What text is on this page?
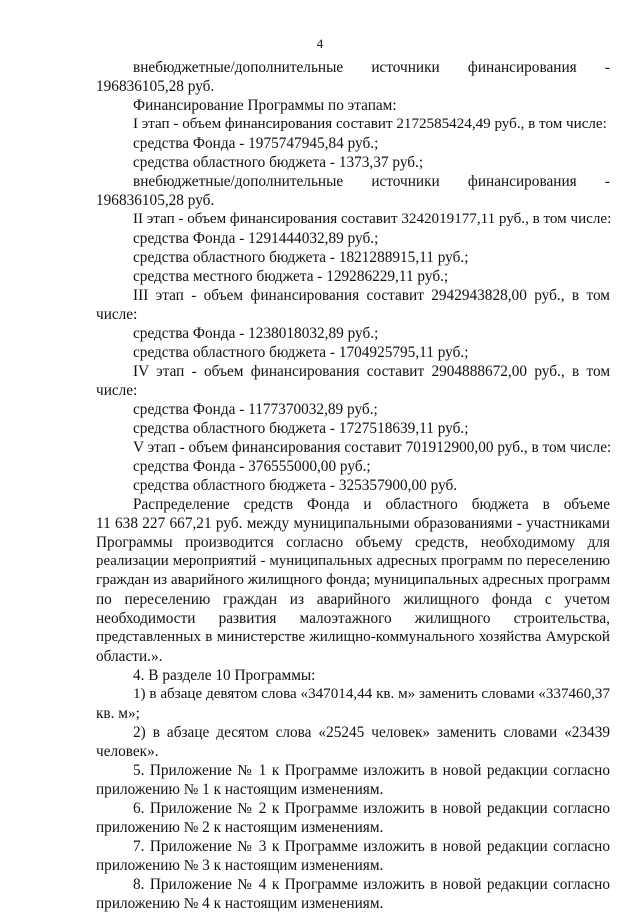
4
внебюджетные/дополнительные источники финансирования -
196836105,28 руб.
Финансирование Программы по этапам:
I этап - объем финансирования составит 2172585424,49 руб., в том числе:
средства Фонда - 1975747945,84 руб.;
средства областного бюджета - 1373,37 руб.;
внебюджетные/дополнительные источники финансирования -
196836105,28 руб.
II этап - объем финансирования составит 3242019177,11 руб., в том числе:
средства Фонда - 1291444032,89 руб.;
средства областного бюджета - 1821288915,11 руб.;
средства местного бюджета - 129286229,11 руб.;
III этап - объем финансирования составит 2942943828,00 руб., в том
числе:
средства Фонда - 1238018032,89 руб.;
средства областного бюджета - 1704925795,11 руб.;
IV этап - объем финансирования составит 2904888672,00 руб., в том
числе:
средства Фонда - 1177370032,89 руб.;
средства областного бюджета - 1727518639,11 руб.;
V этап - объем финансирования составит 701912900,00 руб., в том числе:
средства Фонда - 376555000,00 руб.;
средства областного бюджета - 325357900,00 руб.
Распределение средств Фонда и областного бюджета в объеме
11 638 227 667,21 руб. между муниципальными образованиями - участниками
Программы производится согласно объему средств, необходимому для
реализации мероприятий - муниципальных адресных программ по переселению
граждан из аварийного жилищного фонда; муниципальных адресных программ
по переселению граждан из аварийного жилищного фонда с учетом
необходимости развития малоэтажного жилищного строительства,
представленных в министерстве жилищно-коммунального хозяйства Амурской
области.».
4. В разделе 10 Программы:
1) в абзаце девятом слова «347014,44 кв. м» заменить словами «337460,37
кв. м»;
2) в абзаце десятом слова «25245 человек» заменить словами «23439
человек».
5. Приложение № 1 к Программе изложить в новой редакции согласно
приложению № 1 к настоящим изменениям.
6. Приложение № 2 к Программе изложить в новой редакции согласно
приложению № 2 к настоящим изменениям.
7. Приложение № 3 к Программе изложить в новой редакции согласно
приложению № 3 к настоящим изменениям.
8. Приложение № 4 к Программе изложить в новой редакции согласно
приложению № 4 к настоящим изменениям.
